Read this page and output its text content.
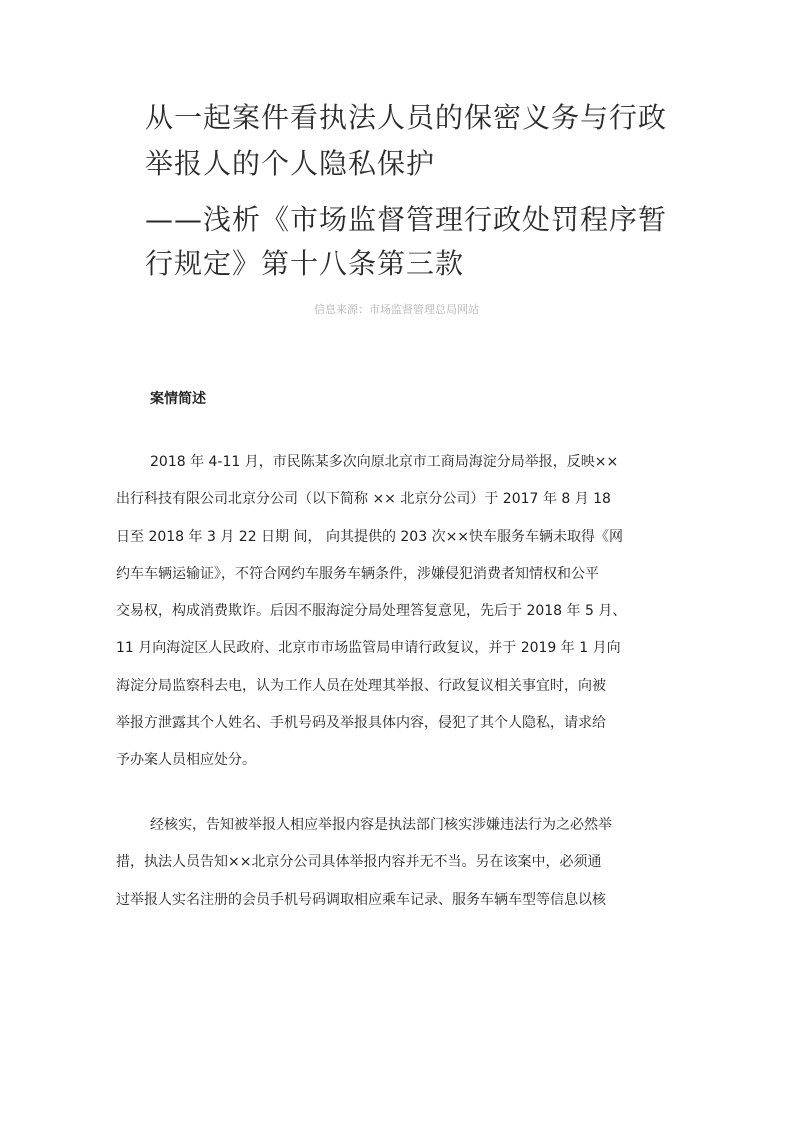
从一起案件看执法人员的保密义务与行政
举报人的个人隐私保护
——浅析《市场监督管理行政处罚程序暂
行规定》第十八条第三款
信息来源：市场监督管理总局网站
案情简述
2018 年 4-11 月，市民陈某多次向原北京市工商局海淀分局举报，反映××
出行科技有限公司北京分公司（以下简称 ×× 北京分公司）于 2017 年 8 月 18
日至 2018 年 3 月 22 日期 间， 向其提供的 203 次××快车服务车辆未取得《网
约车车辆运输证》，不符合网约车服务车辆条件，涉嫌侵犯消费者知情权和公平
交易权，构成消费欺诈。后因不服海淀分局处理答复意见，先后于 2018 年 5 月、
11 月向海淀区人民政府、北京市市场监管局申请行政复议，并于 2019 年 1 月向
海淀分局监察科去电，认为工作人员在处理其举报、行政复议相关事宜时，向被
举报方泄露其个人姓名、手机号码及举报具体内容，侵犯了其个人隐私，请求给
予办案人员相应处分。
经核实，告知被举报人相应举报内容是执法部门核实涉嫌违法行为之必然举
措，执法人员告知××北京分公司具体举报内容并无不当。另在该案中，必须通
过举报人实名注册的会员手机号码调取相应乘车记录、服务车辆车型等信息以核
